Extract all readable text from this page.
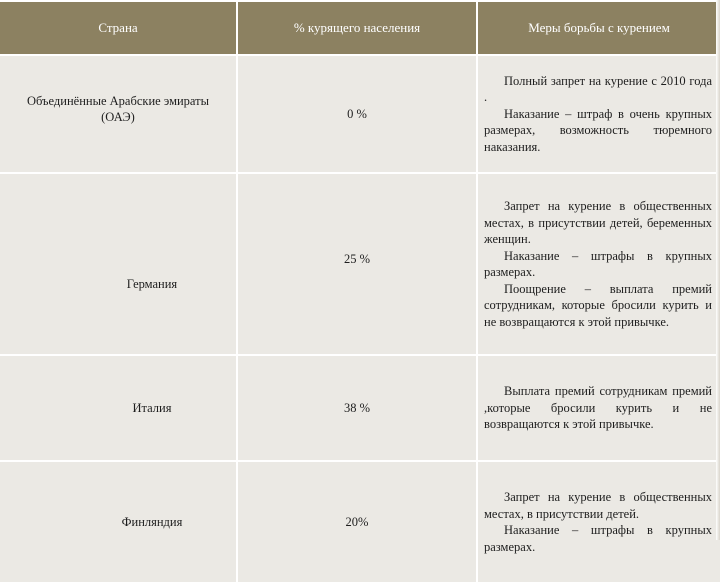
Страна	% курящего населения	Меры борьбы с курением

Объединённые Арабские эмираты (ОАЭ)	0 %	Полный запрет на курение с 2010 года .

Наказание – штраф в очень крупных размерах, возможность тюремного наказания.

Германия	25 %	Запрет на курение в общественных местах, в присутствии детей, беременных женщин.

Наказание – штрафы в крупных размерах.

Поощрение – выплата премий сотрудникам, которые бросили курить и не возвращаются к этой привычке.

Италия	38 %	Выплата премий сотрудникам премий ,которые бросили курить и не возвращаются к этой привычке.

Финляндия	20%	Запрет на курение в общественных местах, в присутствии детей.

Наказание – штрафы в крупных размерах.
